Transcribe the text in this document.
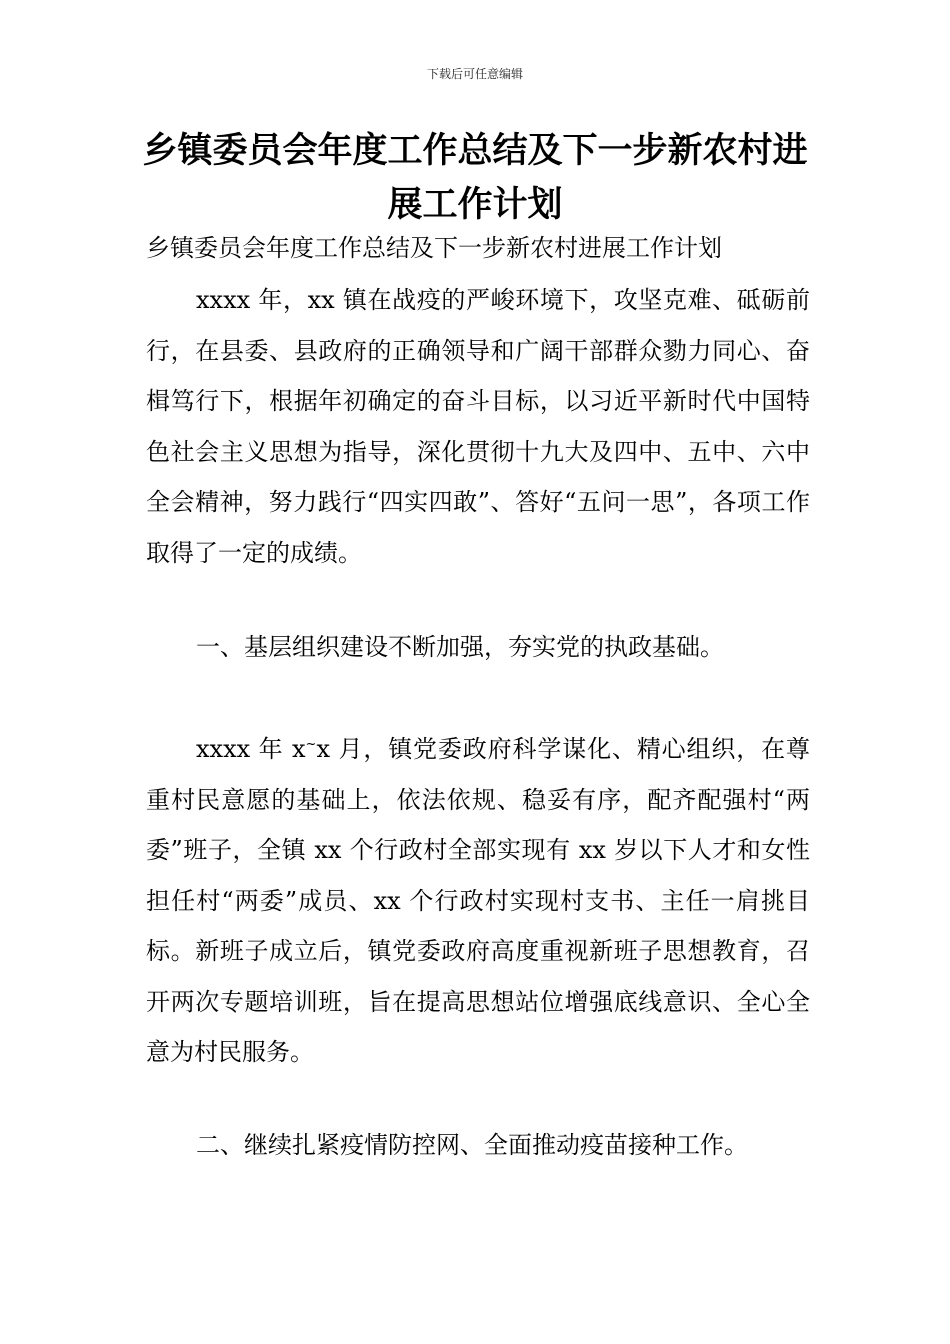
下载后可任意编辑
乡镇委员会年度工作总结及下一步新农村进展工作计划
乡镇委员会年度工作总结及下一步新农村进展工作计划

xxxx 年，xx 镇在战疫的严峻环境下，攻坚克难、砥砺前行，在县委、县政府的正确领导和广阔干部群众勠力同心、奋楫笃行下，根据年初确定的奋斗目标，以习近平新时代中国特色社会主义思想为指导，深化贯彻十九大及四中、五中、六中全会精神，努力践行“四实四敢”、答好“五问一思”，各项工作取得了一定的成绩。

一、基层组织建设不断加强，夯实党的执政基础。

xxxx 年 x~x 月，镇党委政府科学谋化、精心组织，在尊重村民意愿的基础上，依法依规、稳妥有序，配齐配强村“两委”班子，全镇 xx 个行政村全部实现有 xx 岁以下人才和女性担任村“两委”成员、xx 个行政村实现村支书、主任一肩挑目标。新班子成立后，镇党委政府高度重视新班子思想教育，召开两次专题培训班，旨在提高思想站位增强底线意识、全心全意为村民服务。

二、继续扎紧疫情防控网、全面推动疫苗接种工作。
